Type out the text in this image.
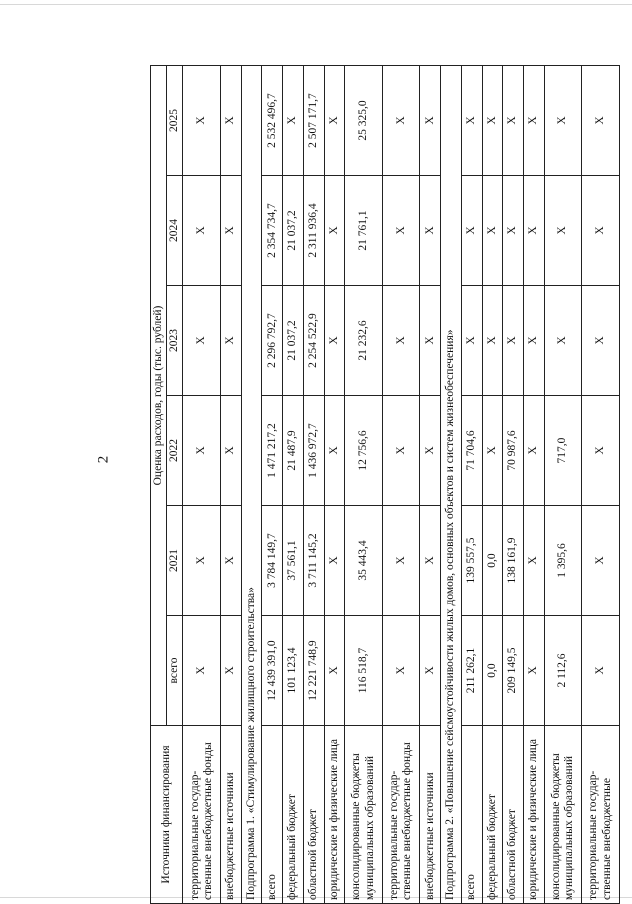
2
Источники финансирования	Оценка расходов, годы (тыс. рублей)					
	всего	2021	2022	2023	2024	2025
территориальные государ-ственные внебюджетные фонды	X	X	X	X	X	X
внебюджетные источники	X	X	X	X	X	X
Подпрограмма 1. «Стимулирование жилищного строительства»						
всего	12 439 391,0	3 784 149,7	1 471 217,2	2 296 792,7	2 354 734,7	2 532 496,7
федеральный бюджет	101 123,4	37 561,1	21 487,9	21 037,2	21 037,2	X
областной бюджет	12 221 748,9	3 711 145,2	1 436 972,7	2 254 522,9	2 311 936,4	2 507 171,7
юридические и физические лица	X	X	X	X	X	X
консолидированные бюджеты муниципальных образований	116 518,7	35 443,4	12 756,6	21 232,6	21 761,1	25 325,0
территориальные государ-ственные внебюджетные фонды	X	X	X	X	X	X
внебюджетные источники	X	X	X	X	X	X
Подпрограмма 2. «Повышение сейсмоустойчивости жилых домов, основных объектов и систем жизнеобеспечения»						
всего	211 262,1	139 557,5	71 704,6	X	X	X
федеральный бюджет	0,0	0,0	X	X	X	X
областной бюджет	209 149,5	138 161,9	70 987,6	X	X	X
юридические и физические лица	X	X	X	X	X	X
консолидированные бюджеты муниципальных образований	2 112,6	1 395,6	717,0	X	X	X
территориальные государ-ственные внебюджетные	X	X	X	X	X	X
